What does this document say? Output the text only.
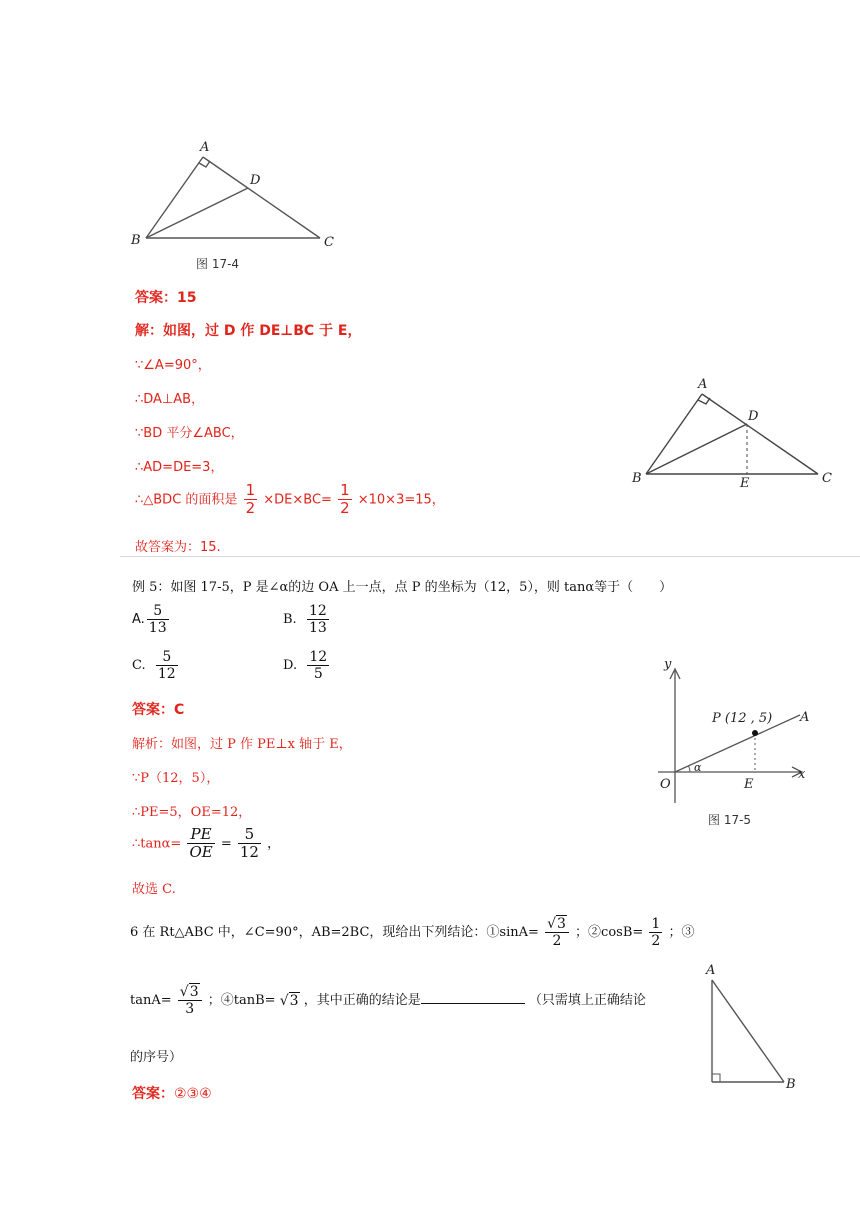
A
B	C
D
图 17-4
答案：15
解：如图，过 D 作 DE⊥BC 于 E，
∵∠A=90°，
∴DA⊥AB，
∵BD 平分∠ABC，
∴AD=DE=3，
∴△BDC 的面积是 $\frac{1}{2} \times DE\times BC= \frac{1}{2} \times 10\times 3=15$，
故答案为：15.
A
B	C
D
E
例 5：如图 17-5，P 是∠α的边 OA 上一点，点 P 的坐标为（12，5），则 tanα等于（　　）
A. $\frac{5}{13}$	B. $\frac{12}{13}$
C. $\frac{5}{12}$	D. $\frac{12}{5}$
答案：C
解析：如图，过 P 作 PE⊥x 轴于 E，
∵P（12，5），
∴PE=5，OE=12，
∴tanα= $\frac{PE}{OE} = \frac{5}{12}$ ，
故选 C.
y
x
O	E
A
α
P (12 , 5)
图 17-5
6 在 Rt△ABC 中，∠C=90°，AB=2BC，现给出下列结论：①sinA= $\frac{√3}{2}$ ；②cosB= $\frac{1}{2}$ ；③
$\tan A= \frac{√3}{3}$ ；④tanB= √3 ，其中正确的结论是	（只需填上正确结论
的序号）
答案：②③④
A
B
